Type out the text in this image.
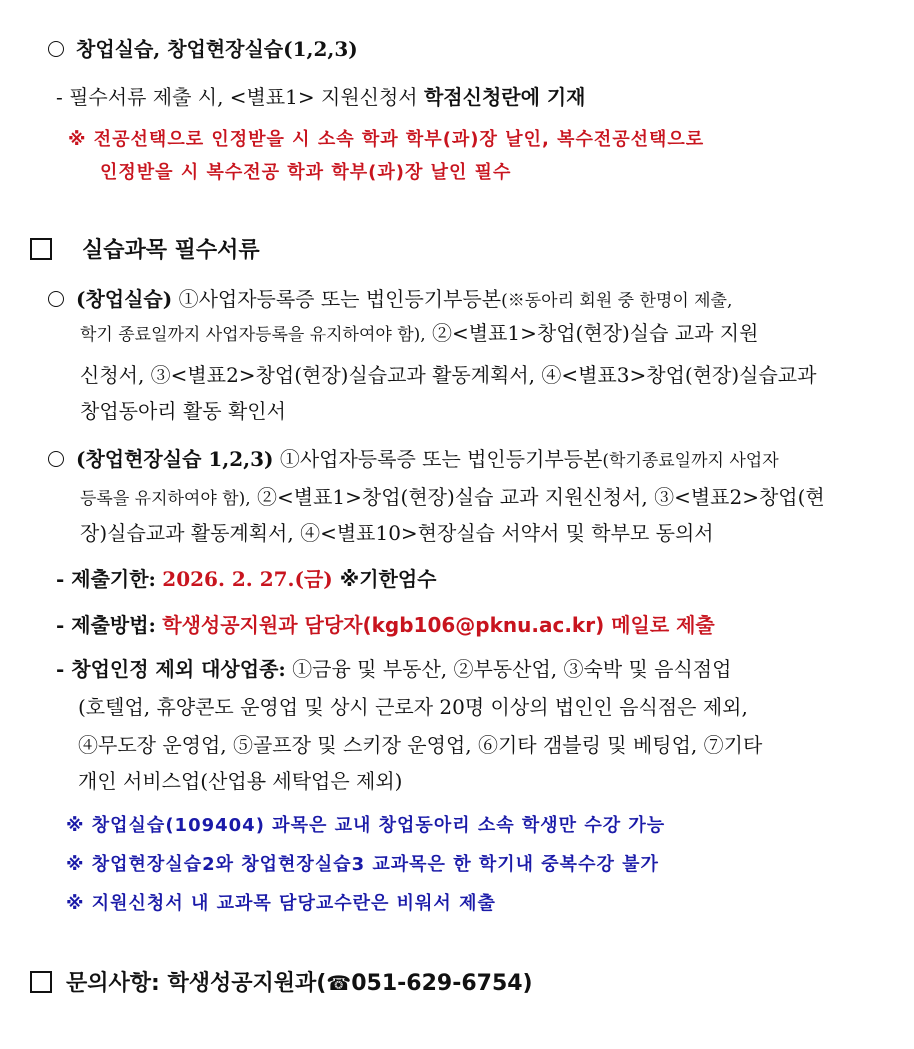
창업실습, 창업현장실습(1,2,3)
- 필수서류 제출 시, <별표1> 지원신청서 학점신청란에 기재
※ 전공선택으로 인정받을 시 소속 학과 학부(과)장 날인, 복수전공선택으로
인정받을 시 복수전공 학과 학부(과)장 날인 필수
실습과목 필수서류
(창업실습) ①사업자등록증 또는 법인등기부등본(※동아리 회원 중 한명이 제출,
학기 종료일까지 사업자등록을 유지하여야 함), ②<별표1>창업(현장)실습 교과 지원
신청서, ③<별표2>창업(현장)실습교과 활동계획서, ④<별표3>창업(현장)실습교과
창업동아리 활동 확인서
(창업현장실습 1,2,3) ①사업자등록증 또는 법인등기부등본(학기종료일까지 사업자
등록을 유지하여야 함), ②<별표1>창업(현장)실습 교과 지원신청서, ③<별표2>창업(현
장)실습교과 활동계획서, ④<별표10>현장실습 서약서 및 학부모 동의서
- 제출기한: 2026. 2. 27.(금) ※기한엄수
- 제출방법: 학생성공지원과 담당자(kgb106@pknu.ac.kr) 메일로 제출
- 창업인정 제외 대상업종: ①금융 및 부동산, ②부동산업, ③숙박 및 음식점업
(호텔업, 휴양콘도 운영업 및 상시 근로자 20명 이상의 법인인 음식점은 제외,
④무도장 운영업, ⑤골프장 및 스키장 운영업, ⑥기타 갬블링 및 베팅업, ⑦기타
개인 서비스업(산업용 세탁업은 제외)
※ 창업실습(109404) 과목은 교내 창업동아리 소속 학생만 수강 가능
※ 창업현장실습2와 창업현장실습3 교과목은 한 학기내 중복수강 불가
※ 지원신청서 내 교과목 담당교수란은 비워서 제출
문의사항: 학생성공지원과(☎051-629-6754)
